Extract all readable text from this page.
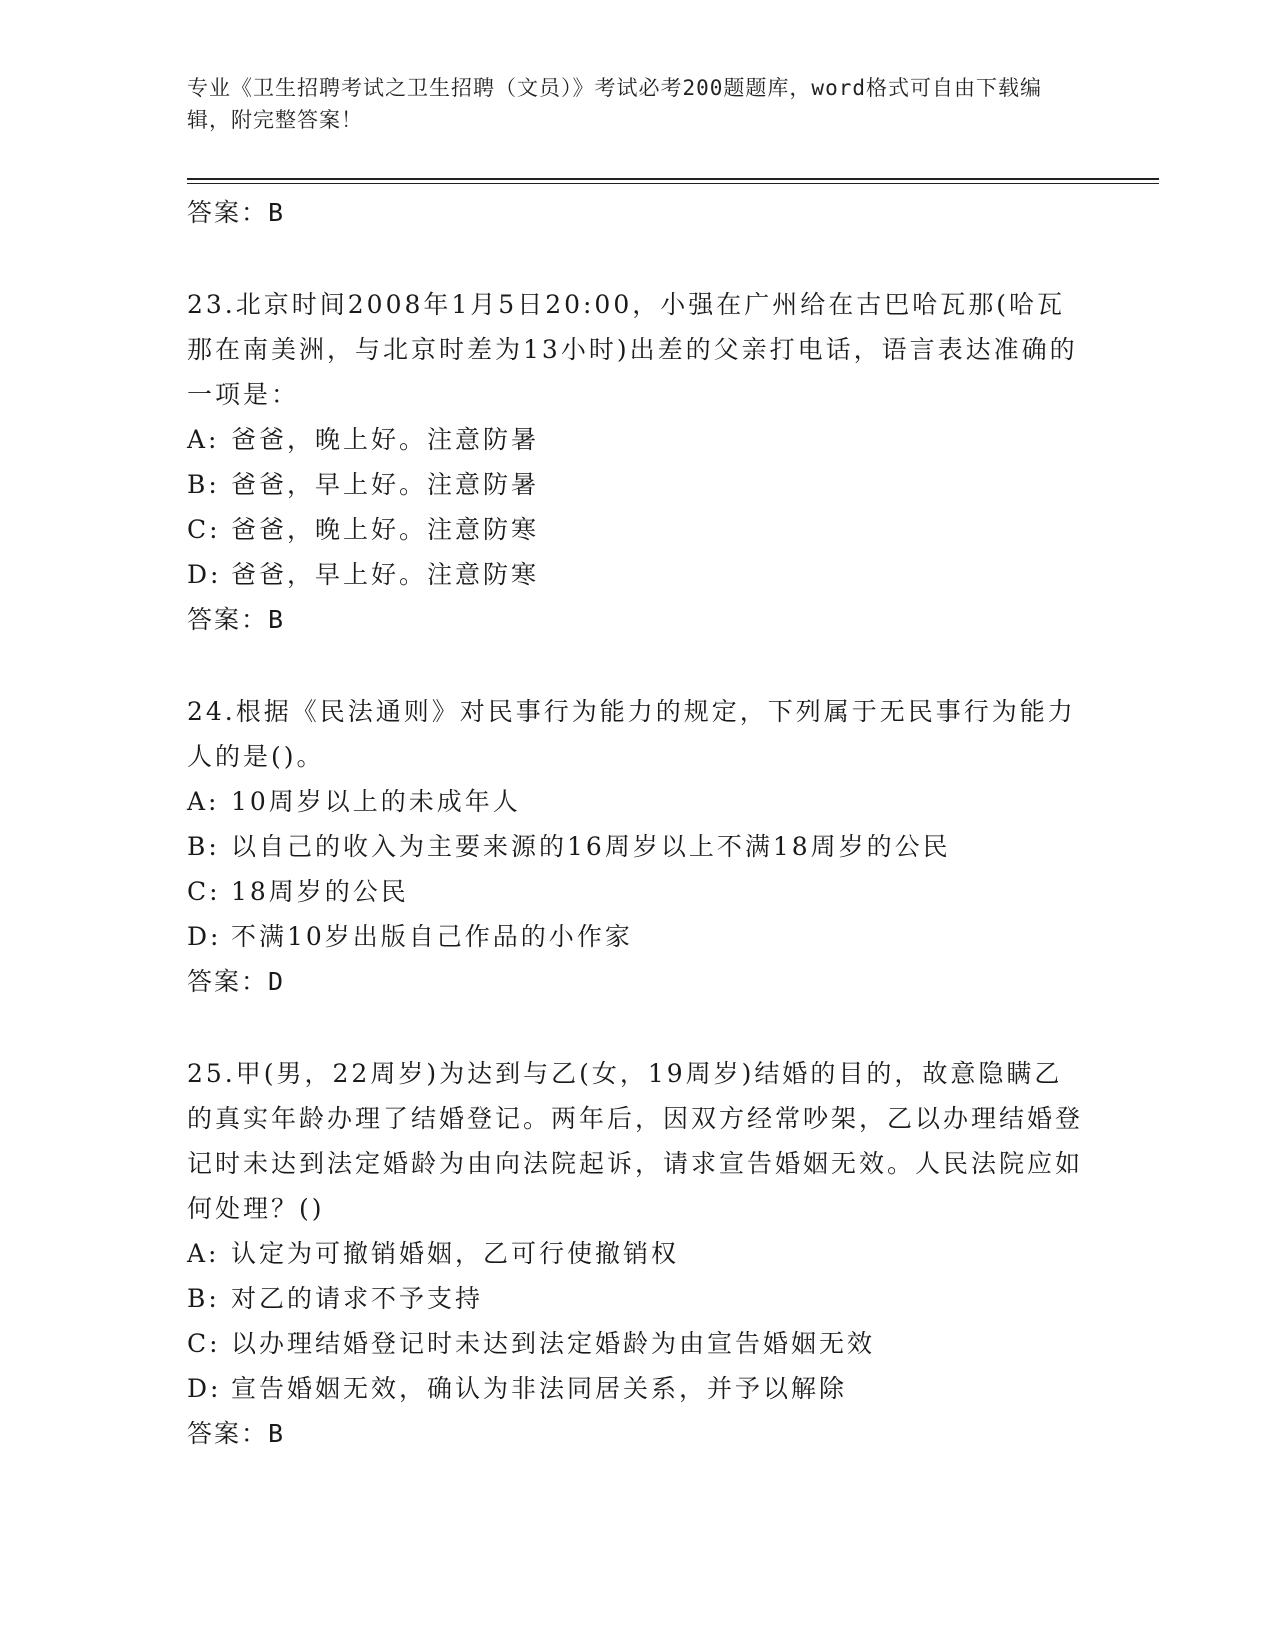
专业《卫生招聘考试之卫生招聘（文员）》考试必考200题题库，word格式可自由下载编辑，附完整答案！
答案：B
23.北京时间2008年1月5日20:00，小强在广州给在古巴哈瓦那(哈瓦那在南美洲，与北京时差为13小时)出差的父亲打电话，语言表达准确的一项是：
A: 爸爸，晚上好。注意防暑
B: 爸爸，早上好。注意防暑
C: 爸爸，晚上好。注意防寒
D: 爸爸，早上好。注意防寒
答案：B
24.根据《民法通则》对民事行为能力的规定，下列属于无民事行为能力人的是()。
A: 10周岁以上的未成年人
B: 以自己的收入为主要来源的16周岁以上不满18周岁的公民
C: 18周岁的公民
D: 不满10岁出版自己作品的小作家
答案：D
25.甲(男，22周岁)为达到与乙(女，19周岁)结婚的目的，故意隐瞒乙的真实年龄办理了结婚登记。两年后，因双方经常吵架，乙以办理结婚登记时未达到法定婚龄为由向法院起诉，请求宣告婚姻无效。人民法院应如何处理？()
A: 认定为可撤销婚姻，乙可行使撤销权
B: 对乙的请求不予支持
C: 以办理结婚登记时未达到法定婚龄为由宣告婚姻无效
D: 宣告婚姻无效，确认为非法同居关系，并予以解除
答案：B
